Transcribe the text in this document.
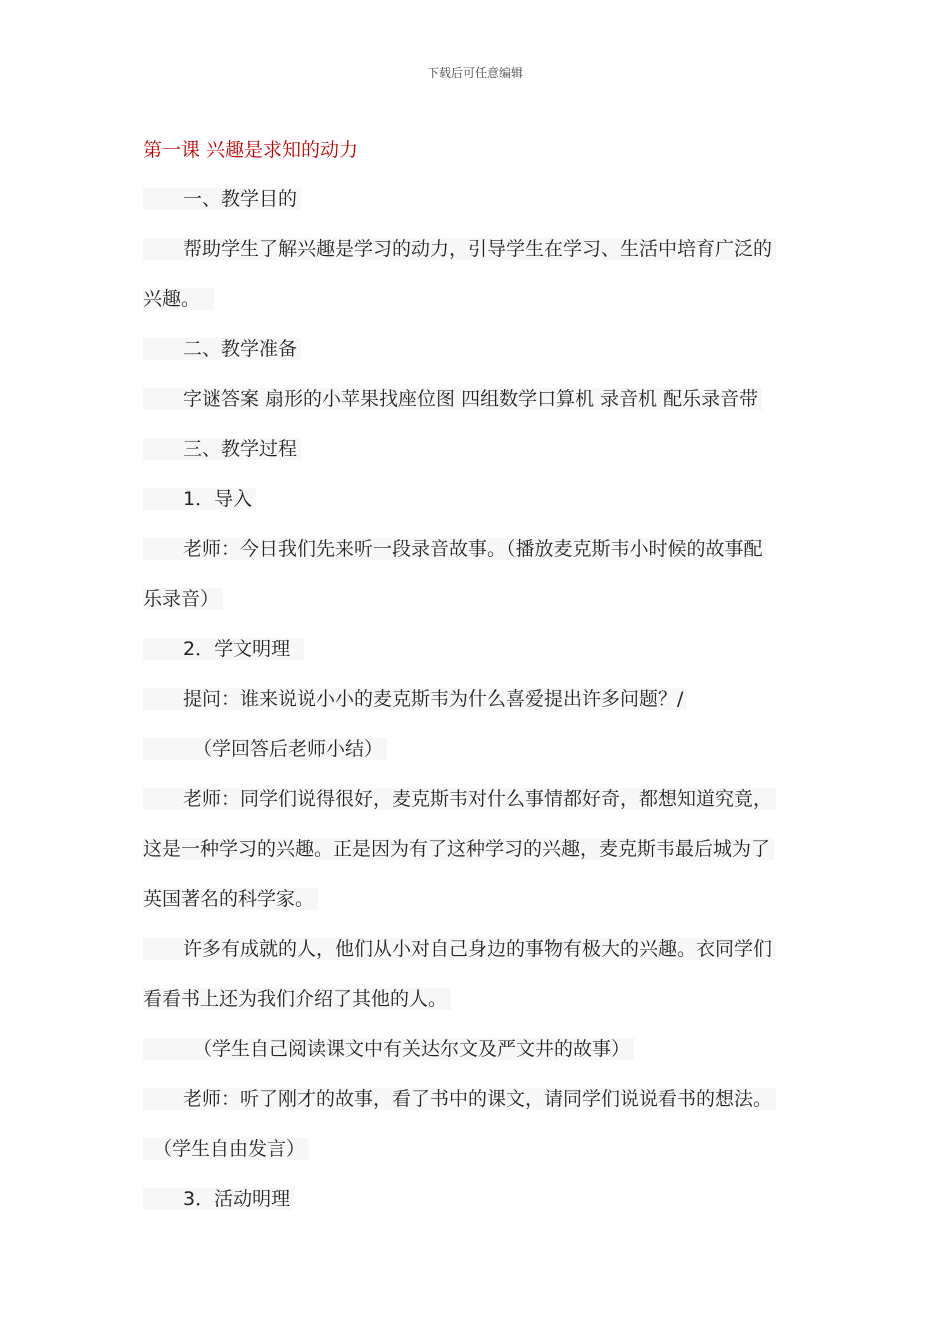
下载后可任意编辑
第一课 兴趣是求知的动力
一、教学目的
帮助学生了解兴趣是学习的动力，引导学生在学习、生活中培育广泛的
兴趣。
二、教学准备
字谜答案 扇形的小苹果找座位图 四组数学口算机 录音机 配乐录音带
三、教学过程
1．导入
老师：今日我们先来听一段录音故事。（播放麦克斯韦小时候的故事配
乐录音）
2．学文明理
提问：谁来说说小小的麦克斯韦为什么喜爱提出许多问题？/
（学回答后老师小结）
老师：同学们说得很好，麦克斯韦对什么事情都好奇，都想知道究竟，
这是一种学习的兴趣。正是因为有了这种学习的兴趣，麦克斯韦最后城为了
英国著名的科学家。
许多有成就的人，他们从小对自己身边的事物有极大的兴趣。衣同学们
看看书上还为我们介绍了其他的人。
（学生自己阅读课文中有关达尔文及严文井的故事）
老师：听了刚才的故事，看了书中的课文，请同学们说说看书的想法。
（学生自由发言）
3．活动明理
